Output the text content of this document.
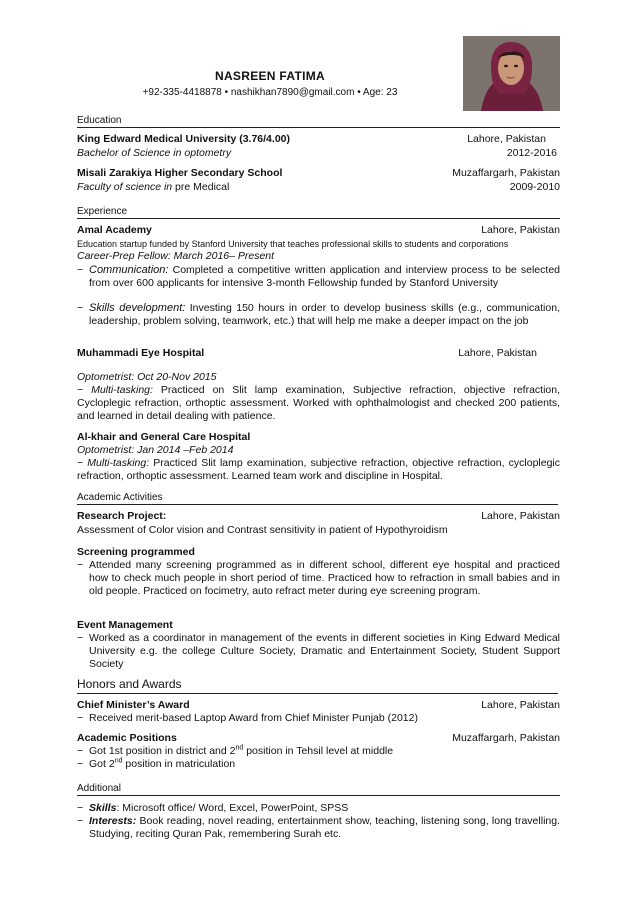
NASREEN FATIMA
+92-335-4418878 • nashikhan7890@gmail.com • Age: 23
Education
King Edward Medical University (3.76/4.00)	Lahore, Pakistan
Bachelor of Science in optometry	2012-2016
Misali Zarakiya Higher Secondary School	Muzaffargarh, Pakistan
Faculty of science in pre Medical	2009-2010
Experience
Amal Academy	Lahore, Pakistan
Education startup funded by Stanford University that teaches professional skills to students and corporations
Career-Prep Fellow: March 2016– Present
− Communication: Completed a competitive written application and interview process to be selected from over 600 applicants for intensive 3-month Fellowship funded by Stanford University
− Skills development: Investing 150 hours in order to develop business skills (e.g., communication, leadership, problem solving, teamwork, etc.) that will help me make a deeper impact on the job
Muhammadi Eye Hospital	Lahore, Pakistan
Optometrist: Oct 20-Nov 2015
− Multi-tasking: Practiced on Slit lamp examination, Subjective refraction, objective refraction, Cycloplegic refraction, orthoptic assessment. Worked with ophthalmologist and checked 200 patients, and learned in detail dealing with patience.
Al-khair and General Care Hospital
Optometrist: Jan 2014 –Feb 2014
− Multi-tasking: Practiced Slit lamp examination, subjective refraction, objective refraction, cycloplegic refraction, orthoptic assessment. Learned team work and discipline in Hospital.
Academic Activities
Research Project:	Lahore, Pakistan
Assessment of Color vision and Contrast sensitivity in patient of Hypothyroidism
Screening programmed
− Attended many screening programmed as in different school, different eye hospital and practiced how to check much people in short period of time. Practiced how to refraction in small babies and in old people. Practiced on focimetry, auto refract meter during eye screening program.
Event Management
− Worked as a coordinator in management of the events in different societies in King Edward Medical University e.g. the college Culture Society, Dramatic and Entertainment Society, Student Support Society
Honors and Awards
Chief Minister’s Award	Lahore, Pakistan
− Received merit-based Laptop Award from Chief Minister Punjab (2012)
Academic Positions	Muzaffargarh, Pakistan
− Got 1st position in district and 2nd position in Tehsil level at middle
− Got 2nd position in matriculation
Additional
− Skills: Microsoft office/ Word, Excel, PowerPoint, SPSS
− Interests: Book reading, novel reading, entertainment show, teaching, listening song, long travelling. Studying, reciting Quran Pak, remembering Surah etc.
